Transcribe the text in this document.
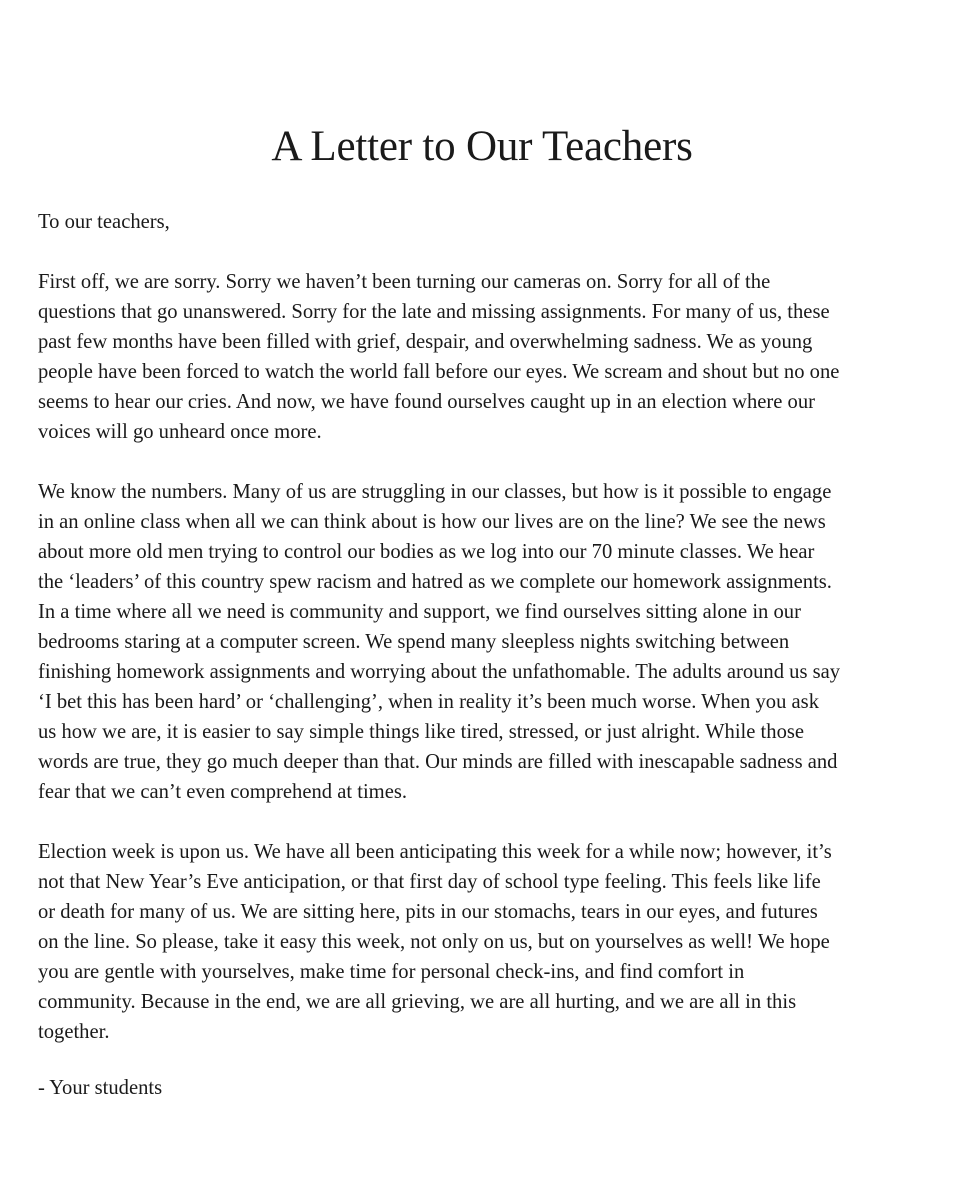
A Letter to Our Teachers

To our teachers,

First off, we are sorry. Sorry we haven’t been turning our cameras on. Sorry for all of the
questions that go unanswered. Sorry for the late and missing assignments. For many of us, these
past few months have been filled with grief, despair, and overwhelming sadness. We as young
people have been forced to watch the world fall before our eyes. We scream and shout but no one
seems to hear our cries. And now, we have found ourselves caught up in an election where our
voices will go unheard once more.

We know the numbers. Many of us are struggling in our classes, but how is it possible to engage
in an online class when all we can think about is how our lives are on the line? We see the news
about more old men trying to control our bodies as we log into our 70 minute classes. We hear
the ‘leaders’ of this country spew racism and hatred as we complete our homework assignments.
In a time where all we need is community and support, we find ourselves sitting alone in our
bedrooms staring at a computer screen. We spend many sleepless nights switching between
finishing homework assignments and worrying about the unfathomable. The adults around us say
‘I bet this has been hard’ or ‘challenging’, when in reality it’s been much worse. When you ask
us how we are, it is easier to say simple things like tired, stressed, or just alright. While those
words are true, they go much deeper than that. Our minds are filled with inescapable sadness and
fear that we can’t even comprehend at times.

Election week is upon us. We have all been anticipating this week for a while now; however, it’s
not that New Year’s Eve anticipation, or that first day of school type feeling. This feels like life
or death for many of us. We are sitting here, pits in our stomachs, tears in our eyes, and futures
on the line. So please, take it easy this week, not only on us, but on yourselves as well! We hope
you are gentle with yourselves, make time for personal check-ins, and find comfort in
community. Because in the end, we are all grieving, we are all hurting, and we are all in this
together.

- Your students
